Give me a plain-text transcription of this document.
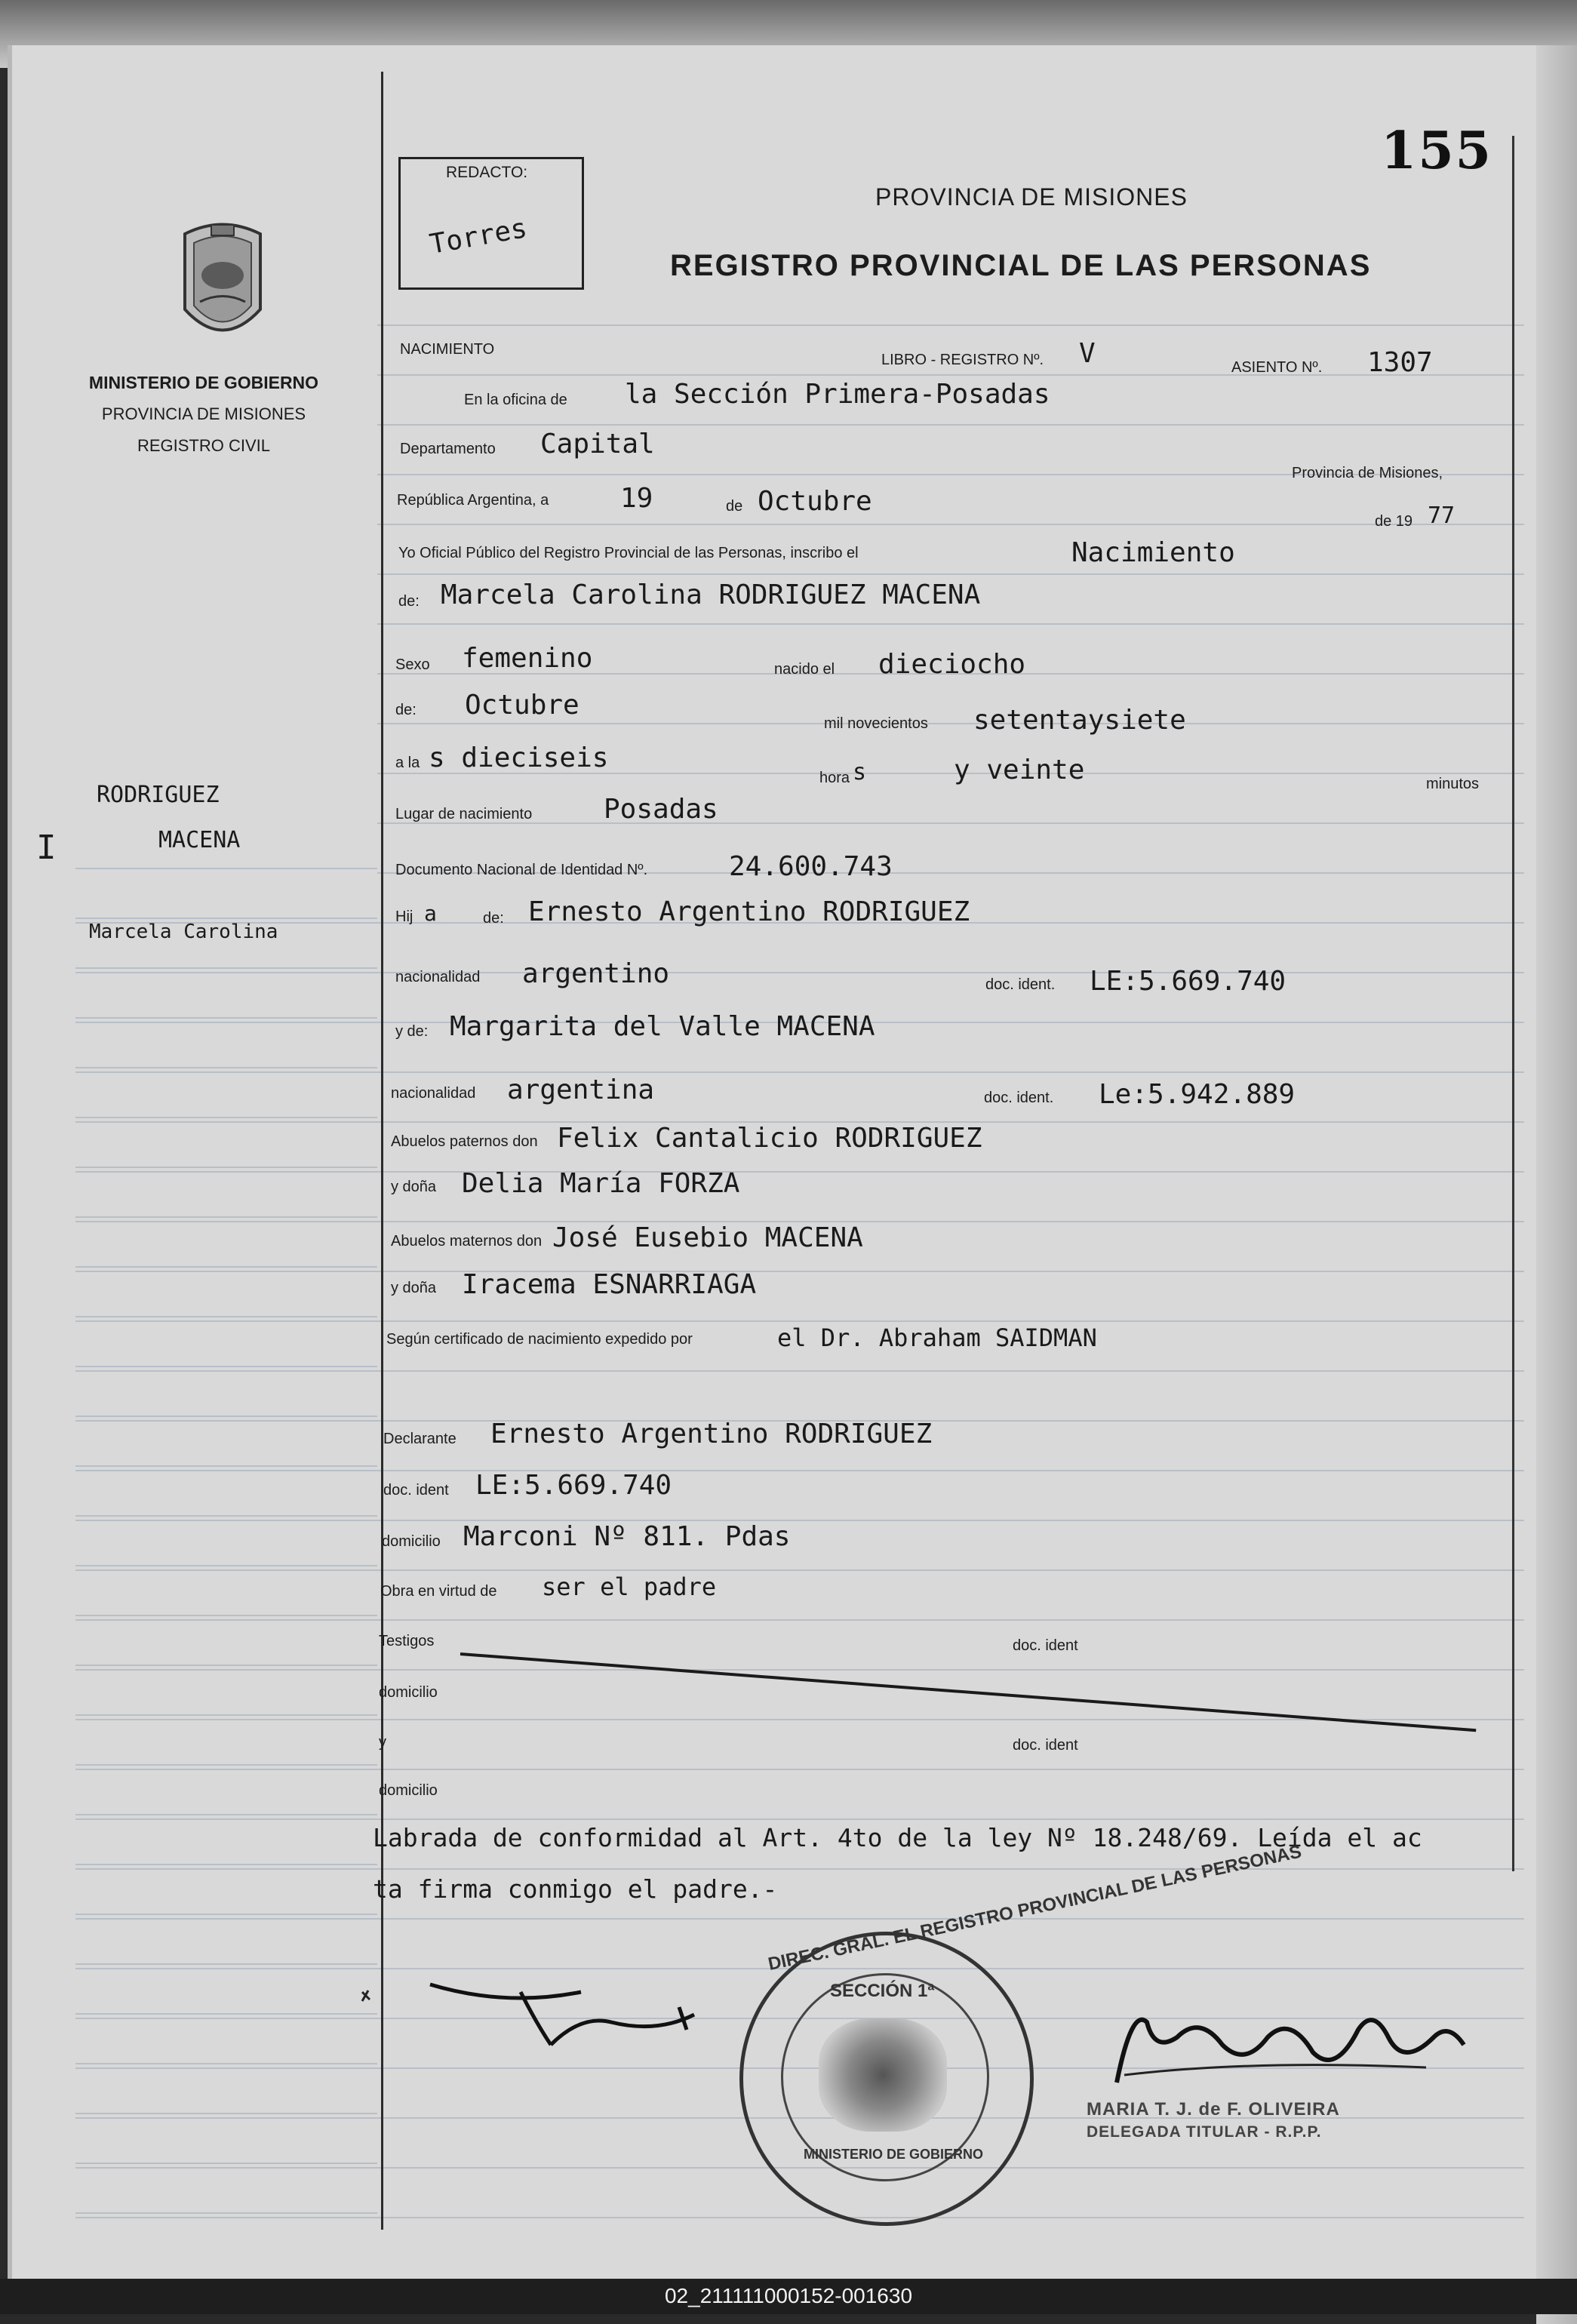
155
REDACTO:
Torres
PROVINCIA DE MISIONES
REGISTRO PROVINCIAL DE LAS PERSONAS
MINISTERIO DE GOBIERNO
PROVINCIA DE MISIONES
REGISTRO CIVIL
RODRIGUEZ
MACENA
I
Marcela Carolina
NACIMIENTO
LIBRO - REGISTRO Nº. V	ASIENTO Nº. 1307
En la oficina de la Sección Primera-Posadas
Departamento Capital
Provincia de Misiones,
República Argentina, a	19	de Octubre
de 19 77
Yo Oficial Público del Registro Provincial de las Personas, inscribo el	Nacimiento
de: Marcela Carolina RODRIGUEZ MACENA
Sexo femenino	nacido el dieciocho
de: Octubre
mil novecientos setentaysiete
a la s dieciseis
hora s	y veinte	minutos
Lugar de nacimiento	Posadas
Documento Nacional de Identidad Nº.	24.600.743
Hij a	de: Ernesto Argentino RODRIGUEZ
nacionalidad argentino	doc. ident. LE:5.669.740
y de: Margarita del Valle MACENA
nacionalidad argentina	doc. ident. Le:5.942.889
Abuelos paternos don Felix Cantalicio RODRIGUEZ
y doña Delia María FORZA
Abuelos maternos don José Eusebio MACENA
y doña Iracema ESNARRIAGA
Según certificado de nacimiento expedido por	el Dr. Abraham SAIDMAN
Declarante Ernesto Argentino RODRIGUEZ
doc. ident LE:5.669.740
domicilio Marconi Nº 811. Pdas
Obra en virtud de ser el padre
Testigos	doc. ident
domicilio
y	doc. ident
domicilio
Labrada de conformidad al Art. 4to de la ley Nº 18.248/69. Leída el ac
ta firma conmigo el padre.-
SECCIÓN 1ª
MINISTERIO DE GOBIERNO
MARIA T. J. de F. OLIVEIRA
DELEGADA TITULAR - R.P.P.
02_211111000152-001630
